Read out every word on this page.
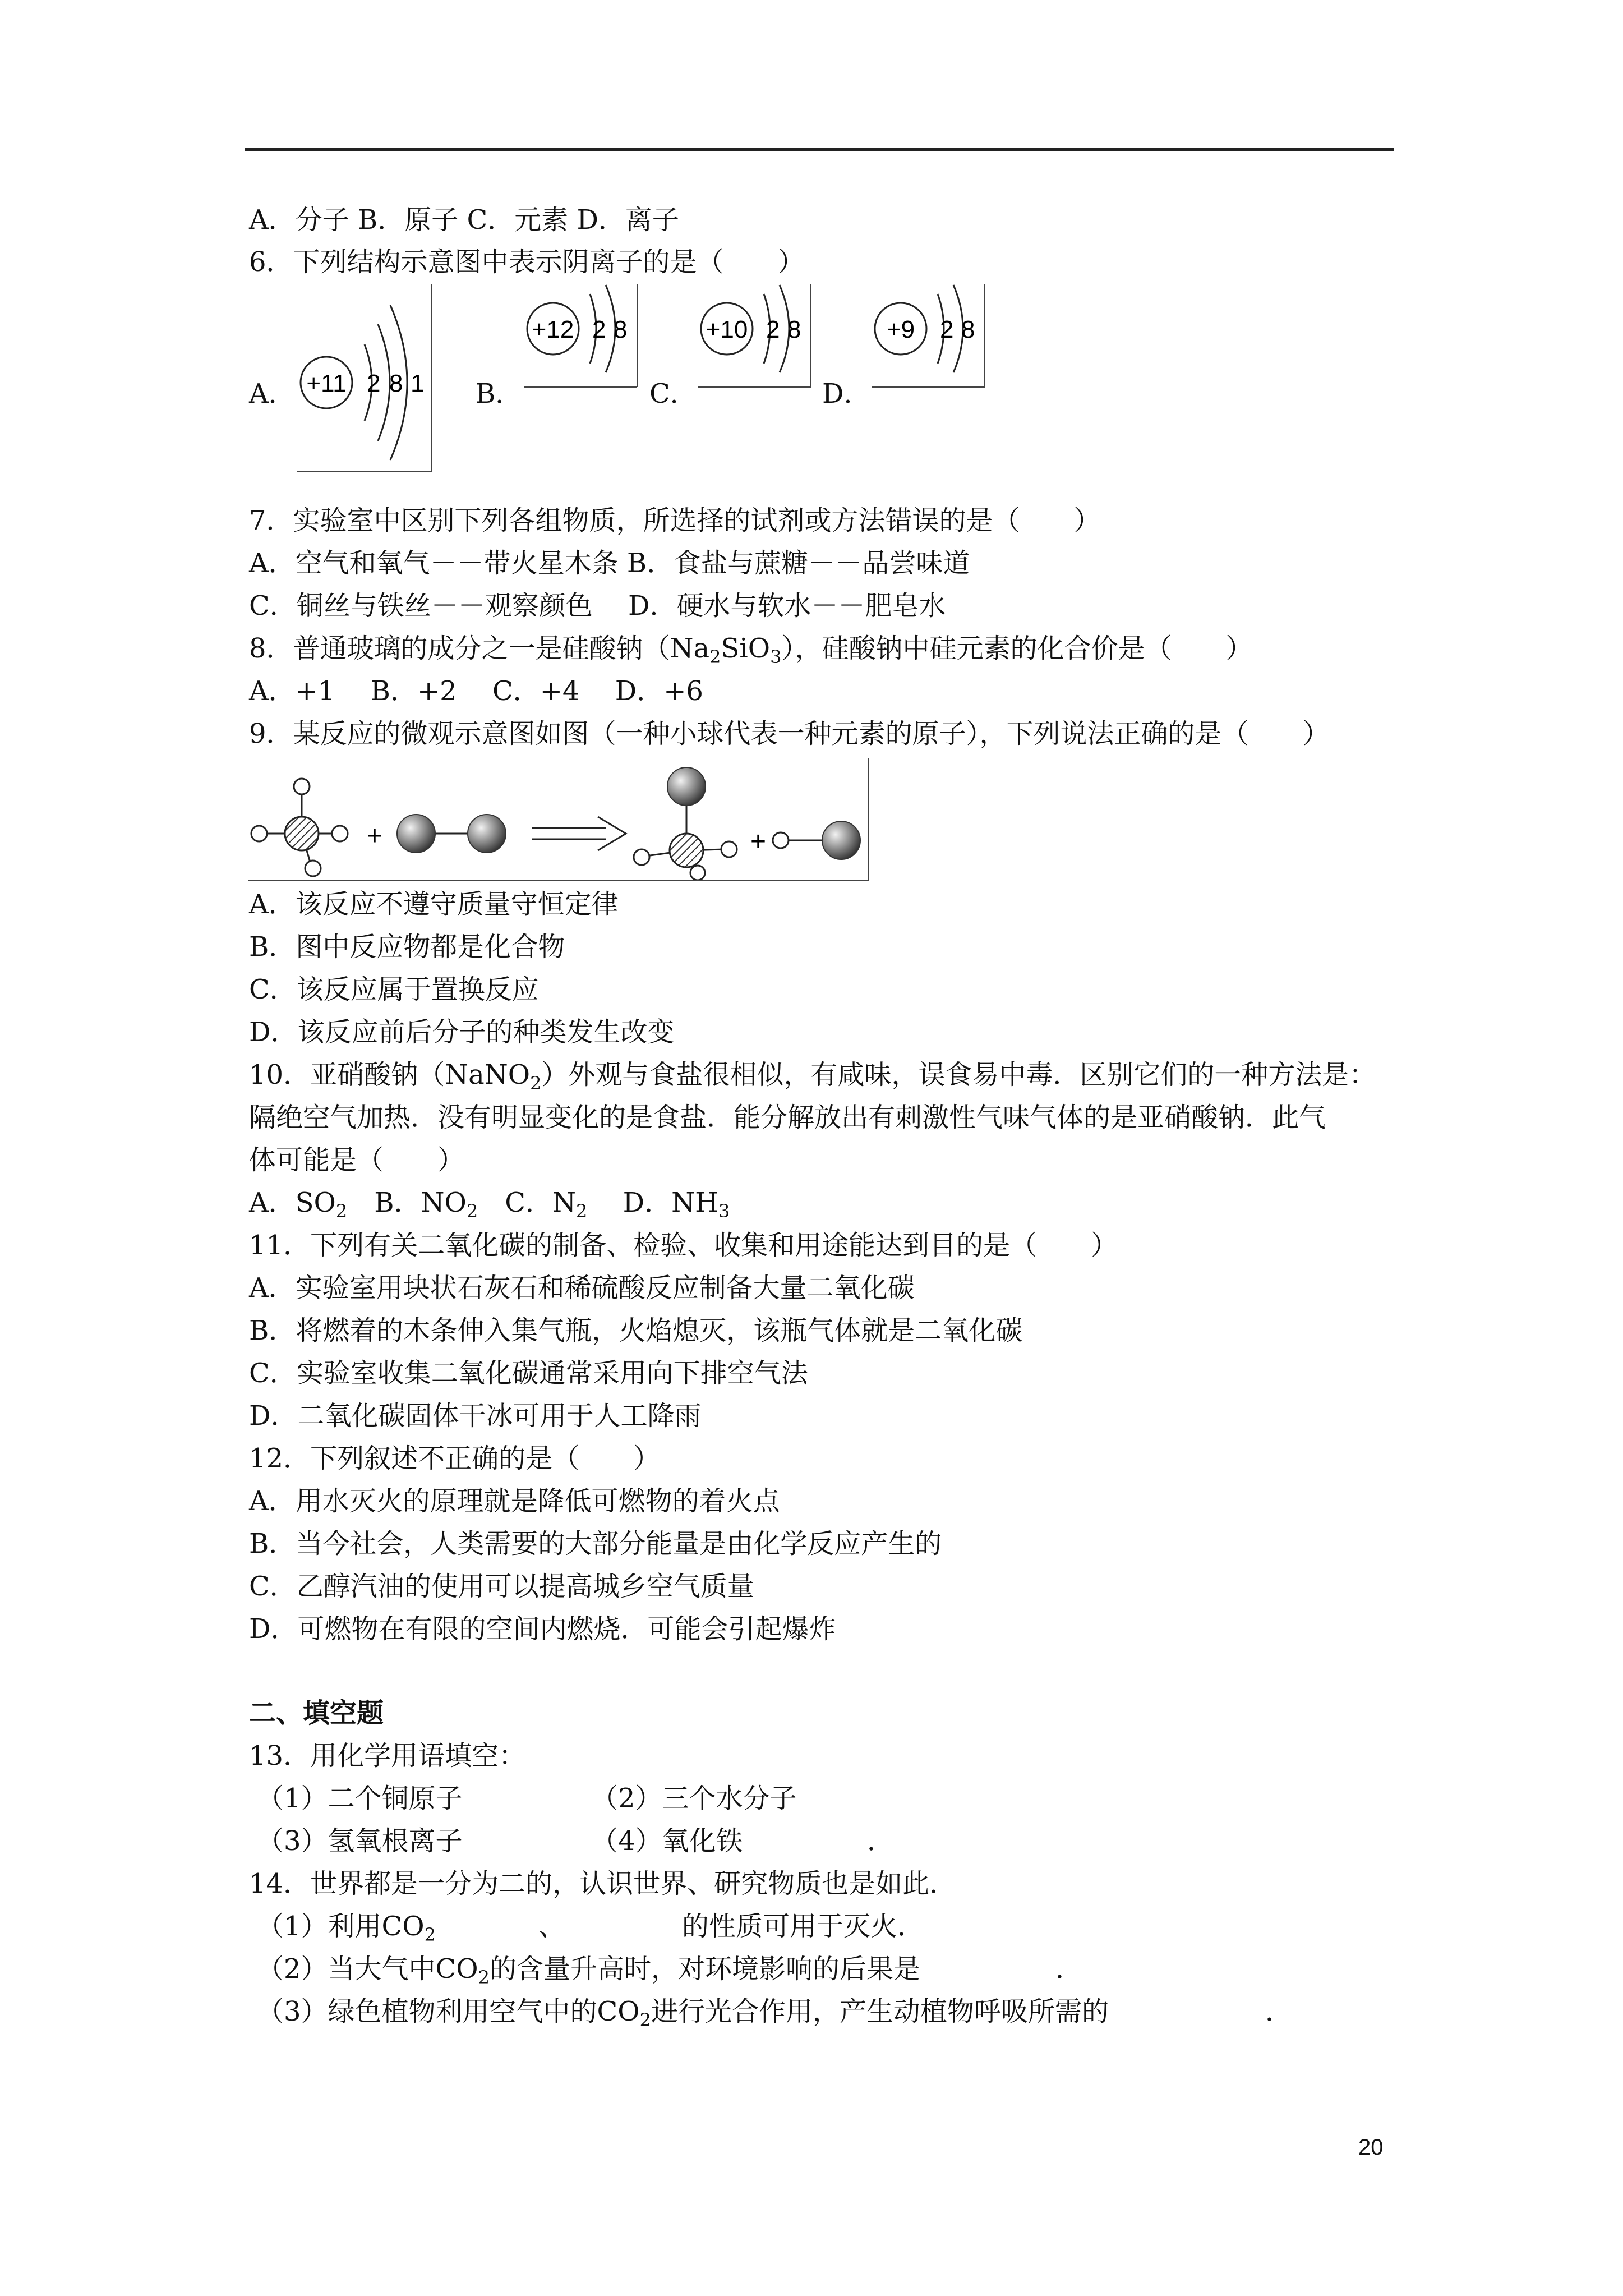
A．分子 B．原子 C．元素 D．离子
6．下列结构示意图中表示阴离子的是（　　）
A． +11 2 8 1 B．
+12 2 8
C．
+10 2 8
D．
+9 2 8
7．实验室中区别下列各组物质，所选择的试剂或方法错误的是（　　）
A．空气和氧气－－带火星木条 B．食盐与蔗糖－－品尝味道
C．铜丝与铁丝－－观察颜色　 D．硬水与软水－－肥皂水
8．普通玻璃的成分之一是硅酸钠$(Na_2SiO_3)$，硅酸钠中硅元素的化合价是（　　）
A．+1　 B．+2　 C．+4　 D．+6
9．某反应的微观示意图如图（一种小球代表一种元素的原子），下列说法正确的是（　　）
+	+
A．该反应不遵守质量守恒定律
B．图中反应物都是化合物
C．该反应属于置换反应
D．该反应前后分子的种类发生改变
10．亚硝酸钠（NaNO$_2$）外观与食盐很相似，有咸味，误食易中毒．区别它们的一种方法是：
隔绝空气加热．没有明显变化的是食盐．能分解放出有刺激性气味气体的是亚硝酸钠．此气
体可能是（　　）
A．$SO_2$　B．$NO_2$　C．$N_2$　 D．$NH_3$
11．下列有关二氧化碳的制备、检验、收集和用途能达到目的是（　　）
A．实验室用块状石灰石和稀硫酸反应制备大量二氧化碳
B．将燃着的木条伸入集气瓶，火焰熄灭，该瓶气体就是二氧化碳
C．实验室收集二氧化碳通常采用向下排空气法
D．二氧化碳固体干冰可用于人工降雨
12．下列叙述不正确的是（　　）
A．用水灭火的原理就是降低可燃物的着火点
B．当今社会，人类需要的大部分能量是由化学反应产生的
C．乙醇汽油的使用可以提高城乡空气质量
D．可燃物在有限的空间内燃烧．可能会引起爆炸
二、填空题
13．用化学用语填空：
（1）二个铜原子	（2）三个水分子
（3）氢氧根离子	（4）氧化铁	．
14．世界都是一分为二的，认识世界、研究物质也是如此．
（1）利用$CO_2$	、	的性质可用于灭火．
（2）当大气中$CO_2$的含量升高时，对环境影响的后果是	．
（3）绿色植物利用空气中的$CO_2$进行光合作用，产生动植物呼吸所需的	．
20
